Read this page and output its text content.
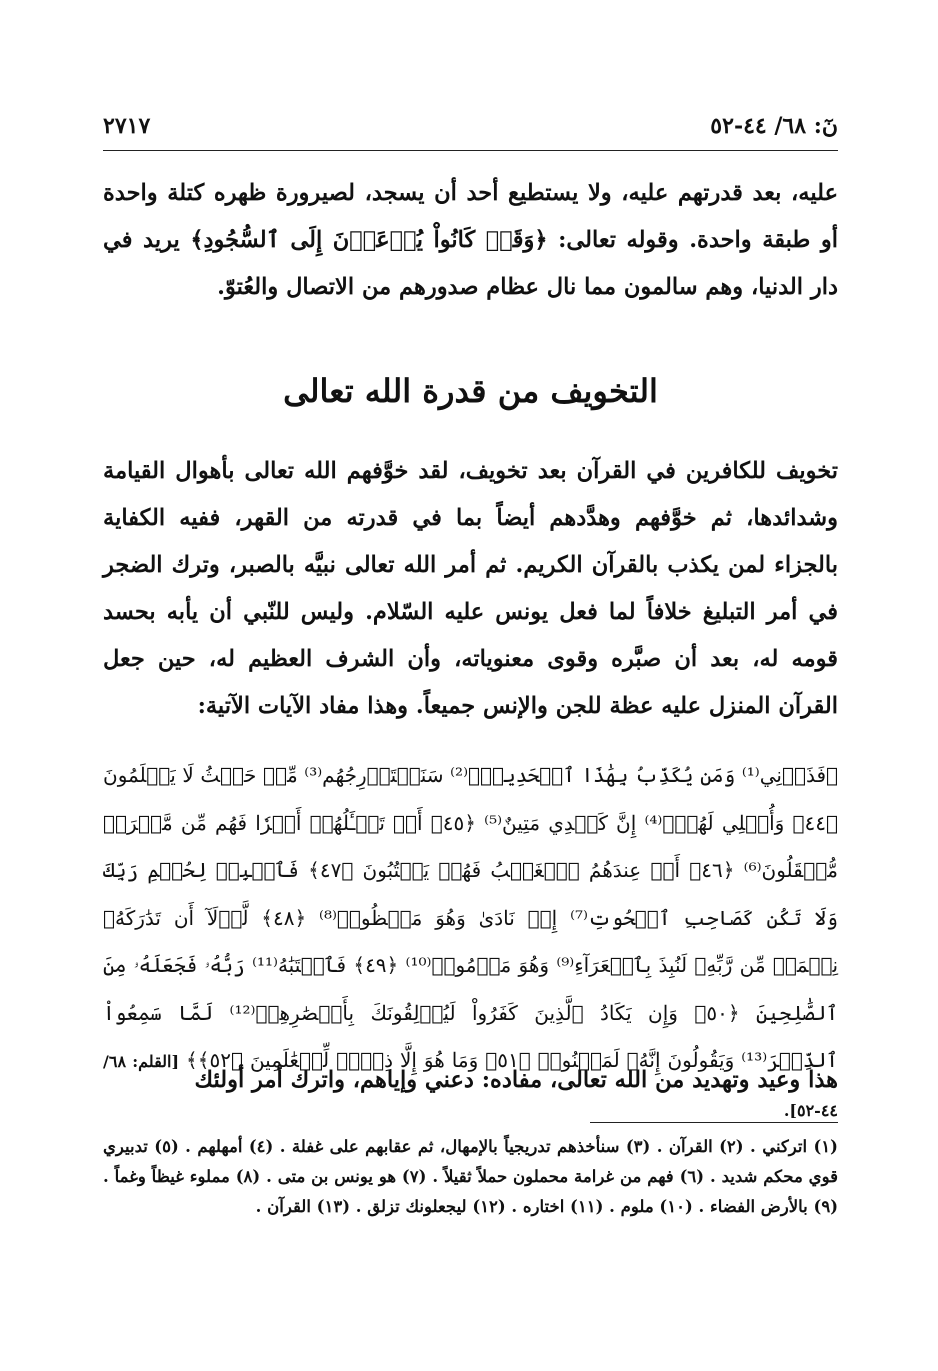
نٓ: ٦٨/ ٤٤-٥٢
٢٧١٧

عليه، بعد قدرتهم عليه، ولا يستطيع أحد أن يسجد، لصيرورة ظهره كتلة واحدة أو طبقة واحدة. وقوله تعالى: ﴿وَقَدۡ كَانُواْ يُدۡعَوۡنَ إِلَى ٱلسُّجُودِ﴾ يريد في دار الدنيا، وهم سالمون مما نال عظام صدورهم من الاتصال والعُتوّ.

التخويف من قدرة الله تعالى

تخويف للكافرين في القرآن بعد تخويف، لقد خوَّفهم الله تعالى بأهوال القيامة وشدائدها، ثم خوَّفهم وهدَّدهم أيضاً بما في قدرته من القهر، ففيه الكفاية بالجزاء لمن يكذب بالقرآن الكريم. ثم أمر الله تعالى نبيَّه بالصبر، وترك الضجر في أمر التبليغ خلافاً لما فعل يونس عليه السّلام. وليس للنّبي أن يأبه بحسد قومه له، بعد أن صبَّره وقوى معنوياته، وأن الشرف العظيم له، حين جعل القرآن المنزل عليه عظة للجن والإنس جميعاً. وهذا مفاد الآيات الآتية:

﴿فَذَرۡنِي⁽¹⁾ وَمَن يُكَذِّبُ بِهَٰذَا ٱلۡحَدِيثِۖ⁽²⁾ سَنَسۡتَدۡرِجُهُم⁽³⁾ مِّنۡ حَيۡثُ لَا يَعۡلَمُونَ ﴿٤٤﴾ وَأُمۡلِي لَهُمۡۚ⁽⁴⁾ إِنَّ كَيۡدِي مَتِينٌ⁽⁵⁾ ﴿٤٥﴾ أَمۡ تَسۡـَٔلُهُمۡ أَجۡرٗا فَهُم مِّن مَّغۡرَمٖ مُّثۡقَلُونَ⁽⁶⁾ ﴿٤٦﴾ أَمۡ عِندَهُمُ ٱلۡغَيۡبُ فَهُمۡ يَكۡتُبُونَ ﴿٤٧﴾ فَٱصۡبِرۡ لِحُكۡمِ رَبِّكَ وَلَا تَكُن كَصَاحِبِ ٱلۡحُوتِ⁽⁷⁾ إِذۡ نَادَىٰ وَهُوَ مَكۡظُومٞ⁽⁸⁾ ﴿٤٨﴾ لَّوۡلَآ أَن تَدَٰرَكَهُۥ نِعۡمَةٞ مِّن رَّبِّهِۦ لَنُبِذَ بِٱلۡعَرَآءِ⁽⁹⁾ وَهُوَ مَذۡمُومٞ⁽¹⁰⁾ ﴿٤٩﴾ فَٱجۡتَبَٰهُ⁽¹¹⁾ رَبُّهُۥ فَجَعَلَهُۥ مِنَ ٱلصَّٰلِحِينَ ﴿٥٠﴾ وَإِن يَكَادُ ٱلَّذِينَ كَفَرُواْ لَيُزۡلِقُونَكَ بِأَبۡصَٰرِهِمۡ⁽¹²⁾ لَمَّا سَمِعُواْ ٱلذِّكۡرَ⁽¹³⁾ وَيَقُولُونَ إِنَّهُۥ لَمَجۡنُونٞ ﴿٥١﴾ وَمَا هُوَ إِلَّا ذِكۡرٞ لِّلۡعَٰلَمِينَ ﴿٥٢﴾﴾ [القلم: ٦٨/ ٤٤-٥٢].

هذا وعيد وتهديد من الله تعالى، مفاده: دعني وإياهم، واترك أمر أولئك

(١) اتركني . (٢) القرآن . (٣) سنأخذهم تدريجياً بالإمهال، ثم عقابهم على غفلة . (٤) أمهلهم . (٥) تدبيري قوي محكم شديد . (٦) فهم من غرامة محملون حملاً ثقيلاً . (٧) هو يونس بن متى . (٨) مملوء غيظاً وغماً . (٩) بالأرض الفضاء . (١٠) ملوم . (١١) اختاره . (١٢) ليجعلونك تزلق . (١٣) القرآن .
